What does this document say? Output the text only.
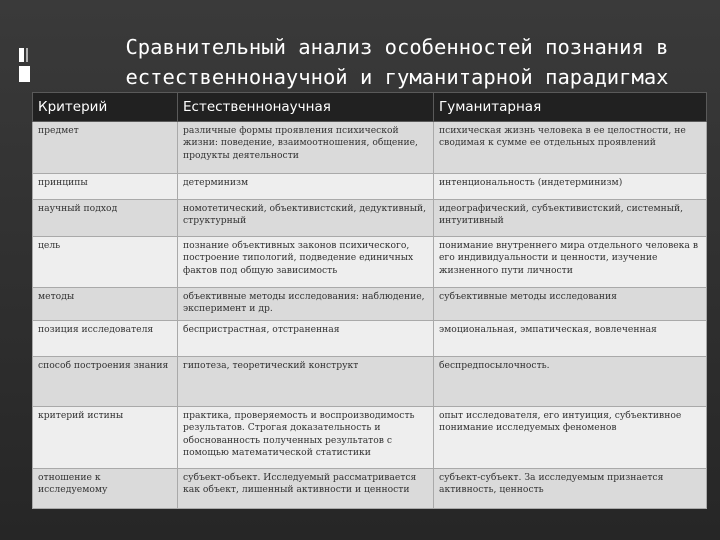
Сравнительный анализ особенностей познания в
естественнонаучной и гуманитарной парадигмах
Критерий	Естественнонаучная	Гуманитарная
предмет	различные формы проявления психической жизни: поведение, взаимоотношения, общение, продукты деятельности	психическая жизнь человека в ее целостности, не сводимая к сумме ее отдельных проявлений
принципы	детерминизм	интенциональность (индетерминизм)
научный подход	номотетический, объективистский, дедуктивный, структурный	идеографический, субъективистский, системный, интуитивный
цель	познание объективных законов психического, построение типологий, подведение единичных фактов под общую зависимость	понимание внутреннего мира отдельного человека в его индивидуальности и ценности, изучение жизненного пути личности
методы	объективные методы исследования: наблюдение, эксперимент и др.	субъективные методы исследования
позиция исследователя	беспристрастная, отстраненная	эмоциональная, эмпатическая, вовлеченная
способ построения знания	гипотеза, теоретический конструкт	беспредпосылочность.
критерий истины	практика, проверяемость и воспроизводимость результатов. Строгая доказательность и обоснованность полученных результатов с помощью математической статистики	опыт исследователя, его интуиция, субъективное понимание исследуемых феноменов
отношение к исследуемому	субъект-объект. Исследуемый рассматривается как объект, лишенный активности и ценности	субъект-субъект. За исследуемым признается активность, ценность
